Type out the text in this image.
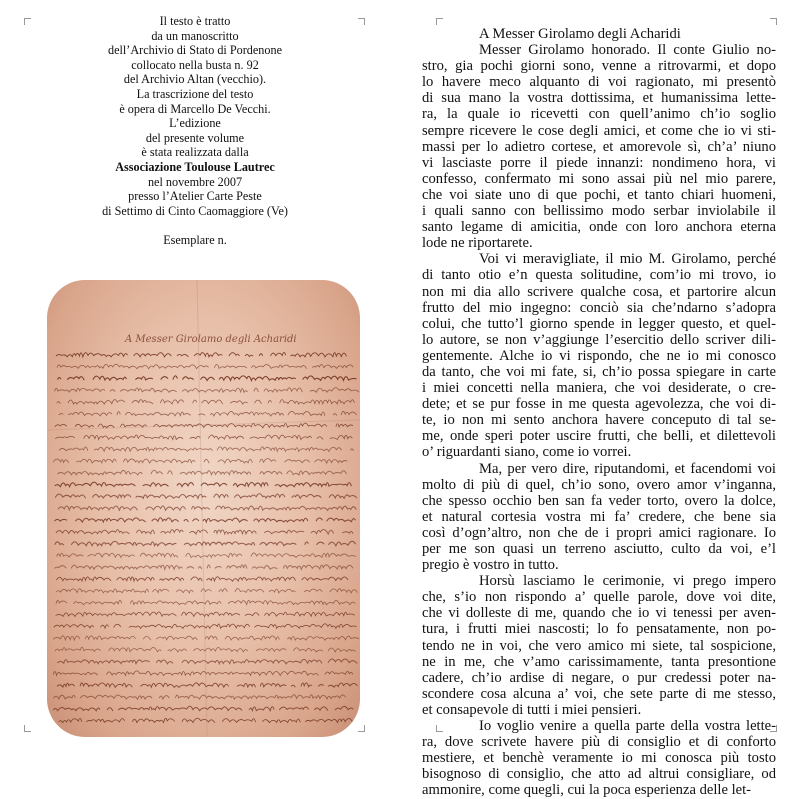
Il testo è tratto
da un manoscritto
dell’Archivio di Stato di Pordenone
collocato nella busta n. 92
del Archivio Altan (vecchio).
La trascrizione del testo
è opera di Marcello De Vecchi.
L’edizione
del presente volume
è stata realizzata dalla
Associazione Toulouse Lautrec
nel novembre 2007
presso l’Atelier Carte Peste
di Settimo di Cinto Caomaggiore (Ve)
Esemplare n.
A Messer Girolamo degli Acharidi
A Messer Girolamo degli Acharidi
Messer Girolamo honorado. Il conte Giulio no-
stro, gia pochi giorni sono, venne a ritrovarmi, et dopo
lo havere meco alquanto di voi ragionato, mi presentò
di sua mano la vostra dottissima, et humanissima lette-
ra, la quale io ricevetti con quell’animo ch’io soglio
sempre ricevere le cose degli amici, et come che io vi sti-
massi per lo adietro cortese, et amorevole sì, ch’a’ niuno
vi lasciaste porre il piede innanzi: nondimeno hora, vi
confesso, confermato mi sono assai più nel mio parere,
che voi siate uno di que pochi, et tanto chiari huomeni,
i quali sanno con bellissimo modo serbar inviolabile il
santo legame di amicitia, onde con loro anchora eterna
lode ne riportarete.
Voi vi meravigliate, il mio M. Girolamo, perché
di tanto otio e’n questa solitudine, com’io mi trovo, io
non mi dia allo scrivere qualche cosa, et partorire alcun
frutto del mio ingegno: conciò sia che’ndarno s’adopra
colui, che tutto’l giorno spende in legger questo, et quel-
lo autore, se non v’aggiunge l’esercitio dello scriver dili-
gentemente. Alche io vi rispondo, che ne io mi conosco
da tanto, che voi mi fate, si, ch’io possa spiegare in carte
i miei concetti nella maniera, che voi desiderate, o cre-
dete; et se pur fosse in me questa agevolezza, che voi di-
te, io non mi sento anchora havere conceputo di tal se-
me, onde speri poter uscire frutti, che belli, et dilettevoli
o’ riguardanti siano, come io vorrei.
Ma, per vero dire, riputandomi, et facendomi voi
molto di più di quel, ch’io sono, overo amor v’inganna,
che spesso occhio ben san fa veder torto, overo la dolce,
et natural cortesia vostra mi fa’ credere, che bene sia
così d’ogn’altro, non che de i propri amici ragionare. Io
per me son quasi un terreno asciutto, culto da voi, e’l
pregio è vostro in tutto.
Horsù lasciamo le cerimonie, vi prego impero
che, s’io non rispondo a’ quelle parole, dove voi dite,
che vi dolleste di me, quando che io vi tenessi per aven-
tura, i frutti miei nascosti; lo fo pensatamente, non po-
tendo ne in voi, che vero amico mi siete, tal sospicione,
ne in me, che v’amo carissimamente, tanta presontione
cadere, ch’io ardise di negare, o pur credessi poter na-
scondere cosa alcuna a’ voi, che sete parte di me stesso,
et consapevole di tutti i miei pensieri.
Io voglio venire a quella parte della vostra lette-
ra, dove scrivete havere più di consiglio et di conforto
mestiere, et benchè veramente io mi conosca più tosto
bisognoso di consiglio, che atto ad altrui consigliare, od
ammonire, come quegli, cui la poca esperienza delle let-
